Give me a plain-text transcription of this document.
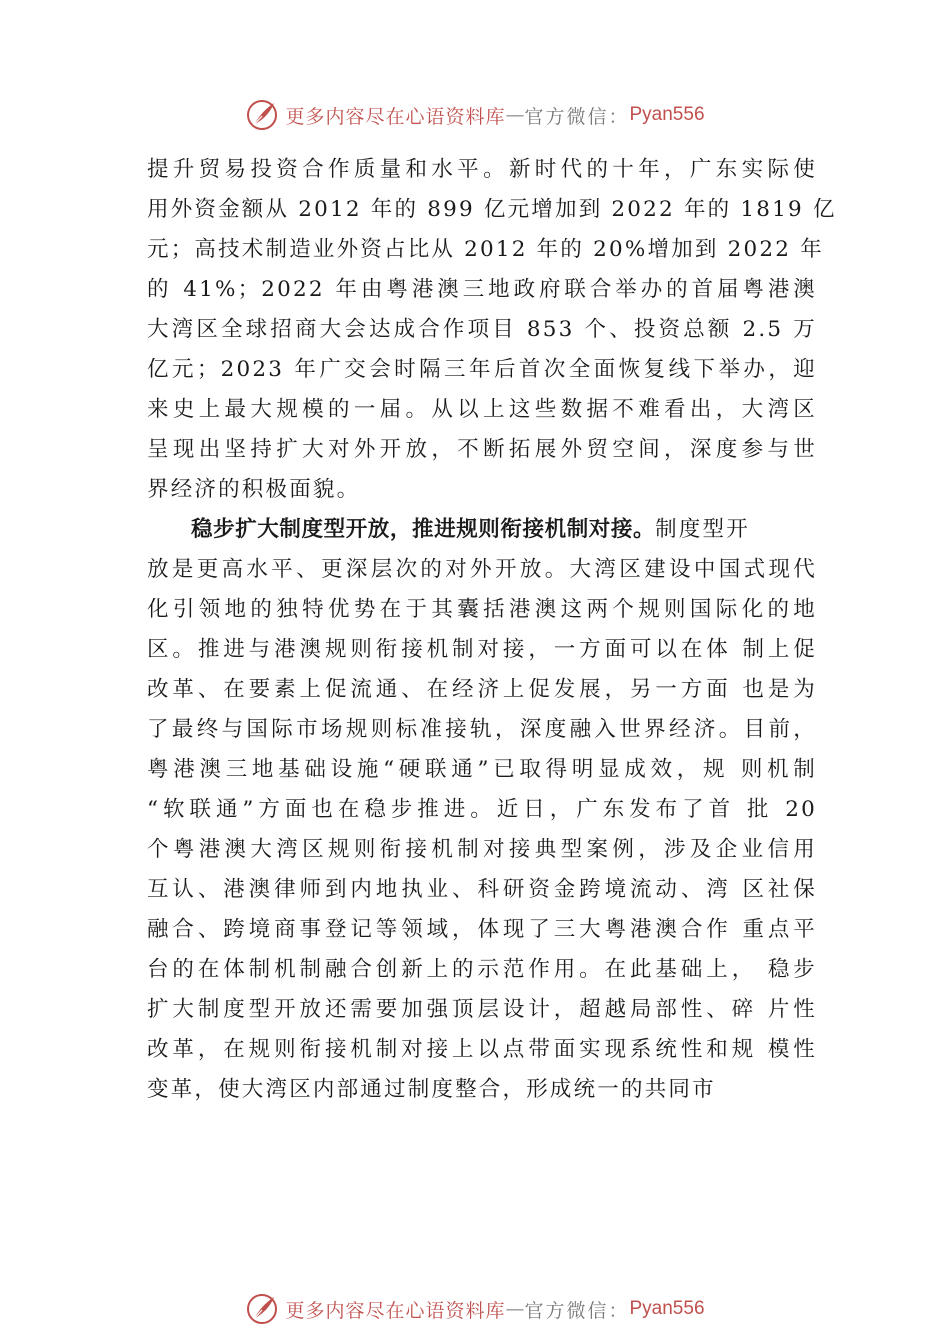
更多内容尽在心语资料库 — 官方微信： Pyan556
提升贸易投资合作质量和水平。新时代的十年，广东实际使
用外资金额从 2012 年的 899 亿元增加到 2022 年的 1819 亿
元；高技术制造业外资占比从 2012 年的 20%增加到 2022 年
的 41%；2022 年由粤港澳三地政府联合举办的首届粤港澳
大湾区全球招商大会达成合作项目 853 个、投资总额 2.5 万
亿元；2023 年广交会时隔三年后首次全面恢复线下举办，迎
来史上最大规模的一届。从以上这些数据不难看出，大湾区
呈现出坚持扩大对外开放，不断拓展外贸空间，深度参与世
界经济的积极面貌。
稳步扩大制度型开放，推进规则衔接机制对接。制度型开
放是更高水平、更深层次的对外开放。大湾区建设中国式现代
化引领地的独特优势在于其囊括港澳这两个规则国际化的地
区。推进与港澳规则衔接机制对接，一方面可以在体 制上促
改革、在要素上促流通、在经济上促发展，另一方面 也是为
了最终与国际市场规则标准接轨，深度融入世界经济。目前，
粤港澳三地基础设施“硬联通”已取得明显成效，规 则机制
“软联通”方面也在稳步推进。近日，广东发布了首 批 20
个粤港澳大湾区规则衔接机制对接典型案例，涉及企业信用
互认、港澳律师到内地执业、科研资金跨境流动、湾 区社保
融合、跨境商事登记等领域，体现了三大粤港澳合作 重点平
台的在体制机制融合创新上的示范作用。在此基础上， 稳步
扩大制度型开放还需要加强顶层设计，超越局部性、碎 片性
改革，在规则衔接机制对接上以点带面实现系统性和规 模性
变革，使大湾区内部通过制度整合，形成统一的共同市
更多内容尽在心语资料库 — 官方微信： Pyan556
